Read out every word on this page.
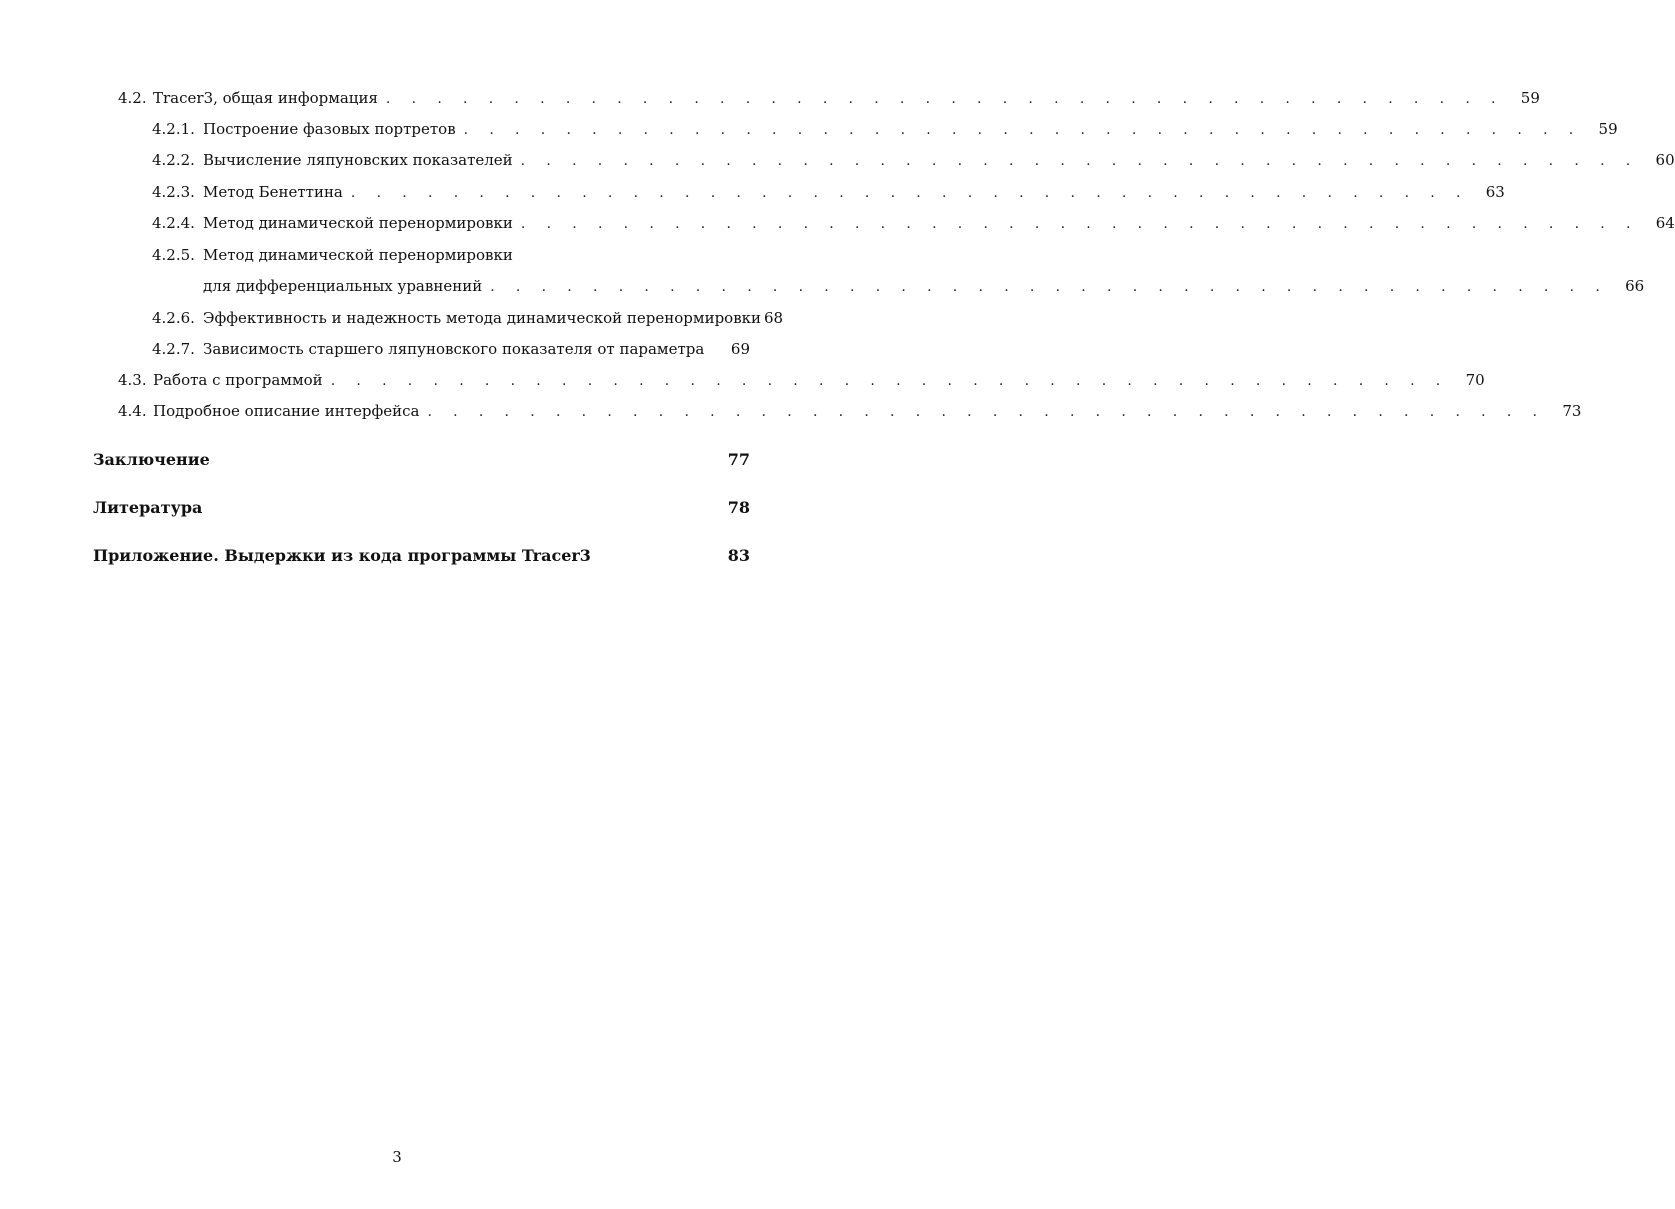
4.2. Tracer3, общая информация . . . . . . . . . . . . . . . . . . . . . . . . . . . . . . . . . . . . . . . . . . . . 59
4.2.1. Построение фазовых портретов . . . . . . . . . . . . . . . . . . . . . . . . . . . . . . . . . . . . . . . . . . . . 59
4.2.2. Вычисление ляпуновских показателей . . . . . . . . . . . . . . . . . . . . . . . . . . . . . . . . . . . . . . . . . . . . 60
4.2.3. Метод Бенеттина . . . . . . . . . . . . . . . . . . . . . . . . . . . . . . . . . . . . . . . . . . . . 63
4.2.4. Метод динамической перенормировки . . . . . . . . . . . . . . . . . . . . . . . . . . . . . . . . . . . . . . . . . . . . 64
4.2.5. Метод динамической перенормировки
для дифференциальных уравнений . . . . . . . . . . . . . . . . . . . . . . . . . . . . . . . . . . . . . . . . . . . . 66
4.2.6. Эффективность и надежность метода динамической перенормировки 68
4.2.7. Зависимость старшего ляпуновского показателя от параметра 69
4.3. Работа с программой . . . . . . . . . . . . . . . . . . . . . . . . . . . . . . . . . . . . . . . . . . . . 70
4.4. Подробное описание интерфейса . . . . . . . . . . . . . . . . . . . . . . . . . . . . . . . . . . . . . . . . . . . . 73
Заключение	77
Литература	78
Приложение. Выдержки из кода программы Tracer3	83
3
